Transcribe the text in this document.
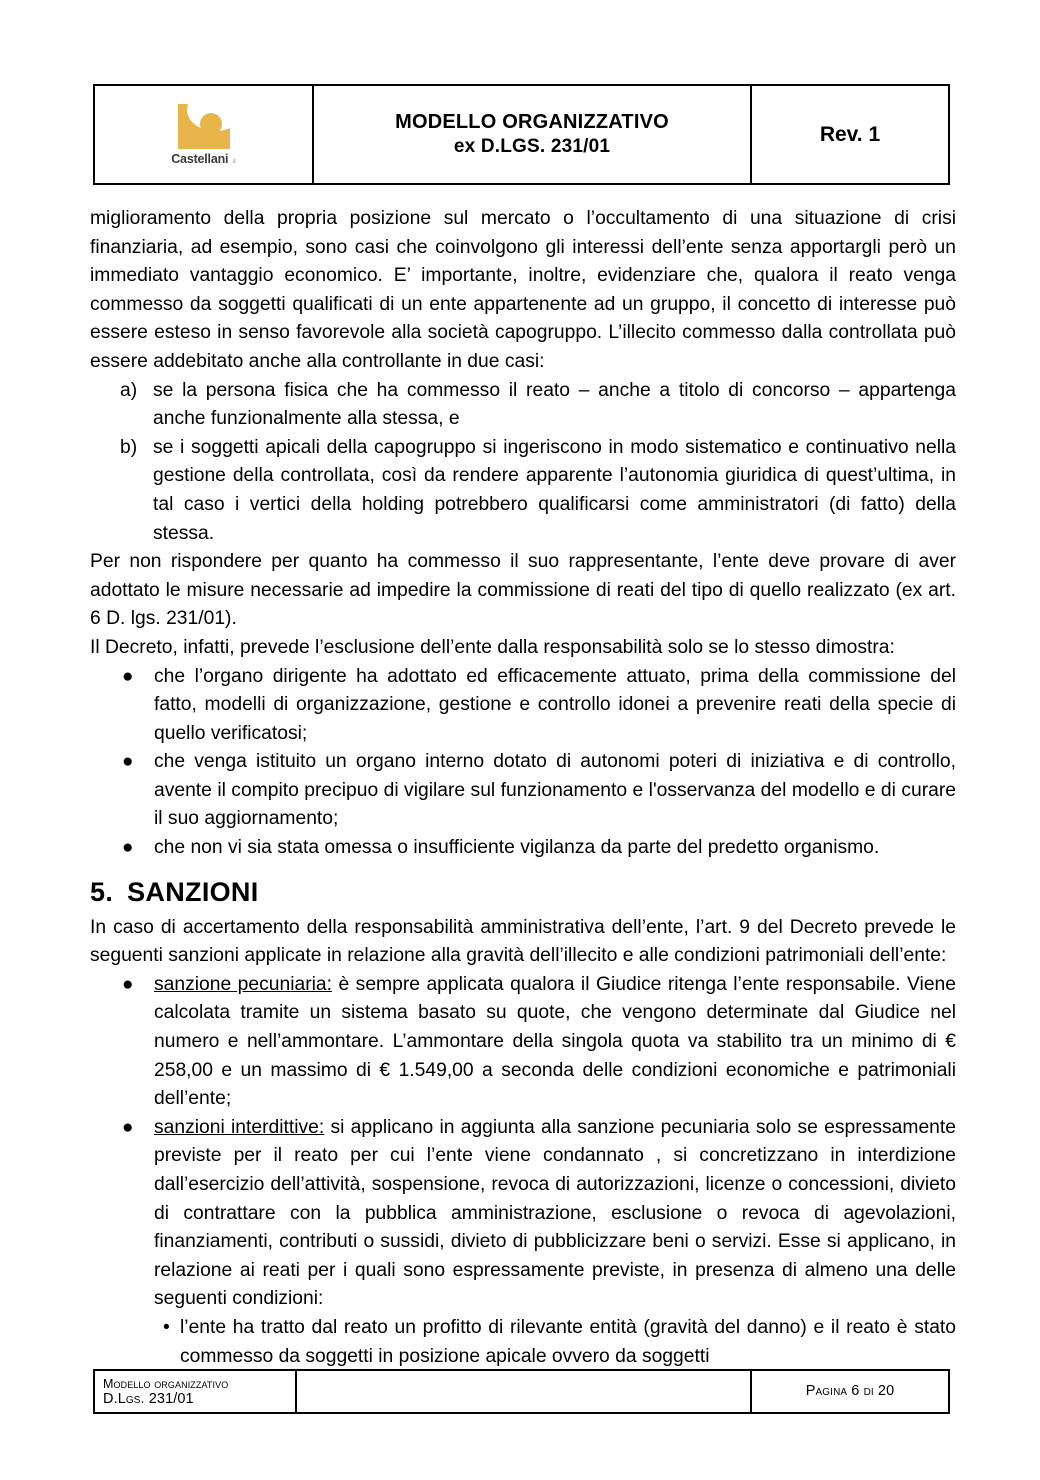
Castellani .it
MODELLO ORGANIZZATIVO
ex D.LGS. 231/01
Rev. 1

miglioramento della propria posizione sul mercato o l’occultamento di una situazione di crisi finanziaria, ad esempio, sono casi che coinvolgono gli interessi dell’ente senza apportargli però un immediato vantaggio economico. E’ importante, inoltre, evidenziare che, qualora il reato venga commesso da soggetti qualificati di un ente appartenente ad un gruppo, il concetto di interesse può essere esteso in senso favorevole alla società capogruppo. L’illecito commesso dalla controllata può essere addebitato anche alla controllante in due casi:

a) se la persona fisica che ha commesso il reato – anche a titolo di concorso – appartenga anche funzionalmente alla stessa, e
b) se i soggetti apicali della capogruppo si ingeriscono in modo sistematico e continuativo nella gestione della controllata, così da rendere apparente l’autonomia giuridica di quest’ultima, in tal caso i vertici della holding potrebbero qualificarsi come amministratori (di fatto) della stessa.

Per non rispondere per quanto ha commesso il suo rappresentante, l’ente deve provare di aver adottato le misure necessarie ad impedire la commissione di reati del tipo di quello realizzato (ex art. 6 D. lgs. 231/01).

Il Decreto, infatti, prevede l’esclusione dell’ente dalla responsabilità solo se lo stesso dimostra:

● che l’organo dirigente ha adottato ed efficacemente attuato, prima della commissione del fatto, modelli di organizzazione, gestione e controllo idonei a prevenire reati della specie di quello verificatosi;
● che venga istituito un organo interno dotato di autonomi poteri di iniziativa e di controllo, avente il compito precipuo di vigilare sul funzionamento e l'osservanza del modello e di curare il suo aggiornamento;
● che non vi sia stata omessa o insufficiente vigilanza da parte del predetto organismo.
5. SANZIONI

In caso di accertamento della responsabilità amministrativa dell’ente, l’art. 9 del Decreto prevede le seguenti sanzioni applicate in relazione alla gravità dell’illecito e alle condizioni patrimoniali dell’ente:

● sanzione pecuniaria: è sempre applicata qualora il Giudice ritenga l’ente responsabile. Viene calcolata tramite un sistema basato su quote, che vengono determinate dal Giudice nel numero e nell’ammontare. L’ammontare della singola quota va stabilito tra un minimo di € 258,00 e un massimo di € 1.549,00 a seconda delle condizioni economiche e patrimoniali dell’ente;
● sanzioni interdittive: si applicano in aggiunta alla sanzione pecuniaria solo se espressamente previste per il reato per cui l’ente viene condannato , si concretizzano in interdizione dall’esercizio dell’attività, sospensione, revoca di autorizzazioni, licenze o concessioni, divieto di contrattare con la pubblica amministrazione, esclusione o revoca di agevolazioni, finanziamenti, contributi o sussidi, divieto di pubblicizzare beni o servizi. Esse si applicano, in relazione ai reati per i quali sono espressamente previste, in presenza di almeno una delle seguenti condizioni:
• l’ente ha tratto dal reato un profitto di rilevante entità (gravità del danno) e il reato è stato commesso da soggetti in posizione apicale ovvero da soggetti
Modello organizzativo
D.Lgs. 231/01	Pagina 6 di 20
